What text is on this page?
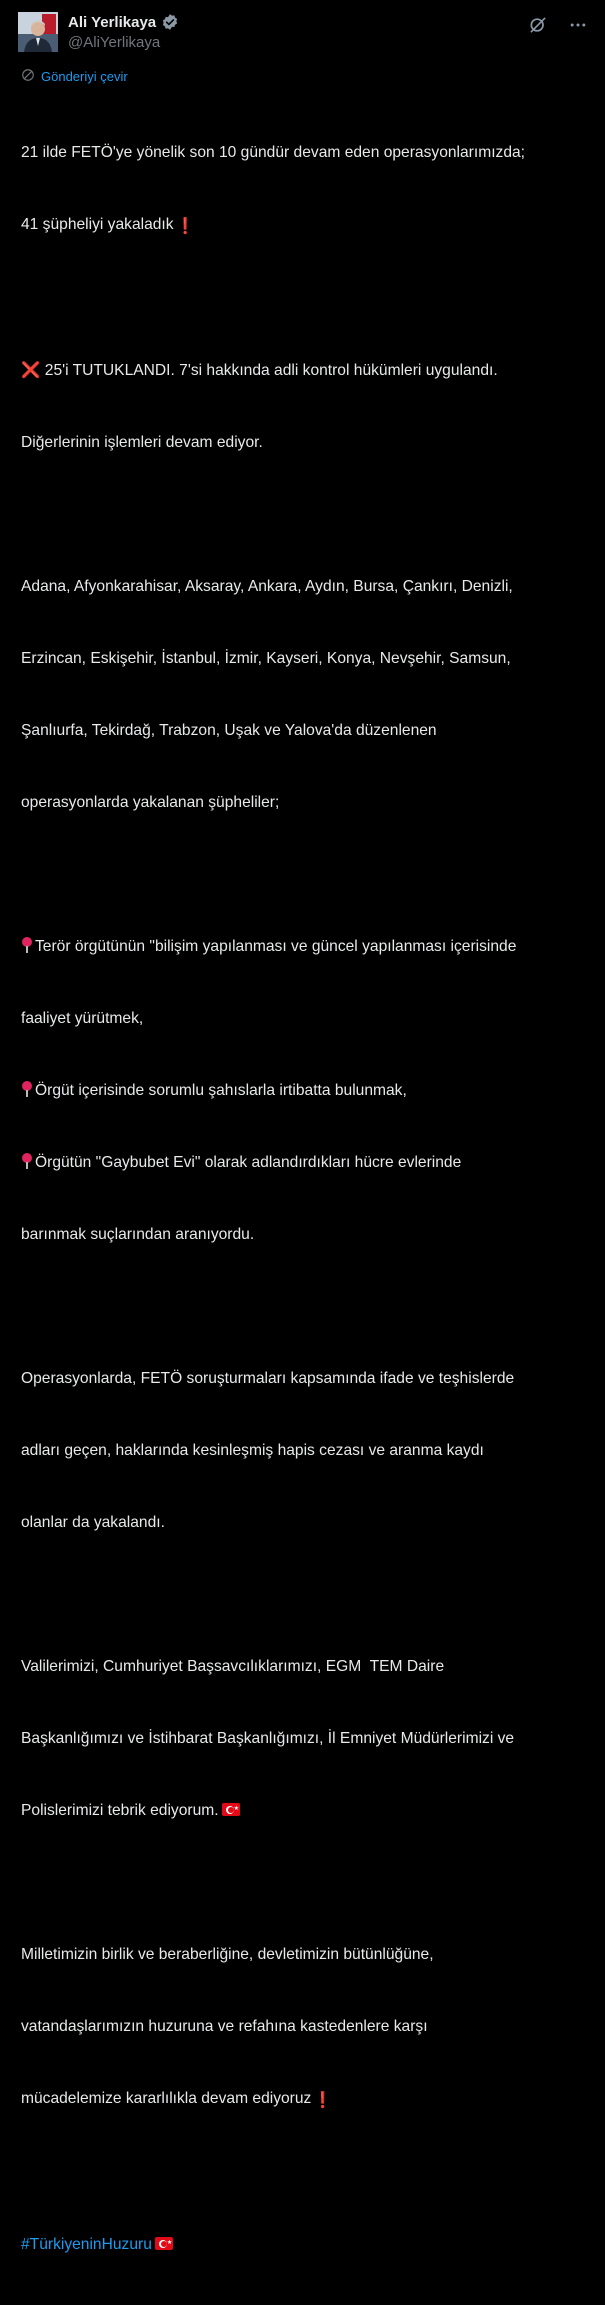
Ali Yerlikaya
@AliYerlikaya
Gönderiyi çevir

21 ilde FETÖ'ye yönelik son 10 gündür devam eden operasyonlarımızda;

41 şüpheliyi yakaladık ❗

❌ 25'i TUTUKLANDI. 7'si hakkında adli kontrol hükümleri uygulandı.

Diğerlerinin işlemleri devam ediyor.

Adana, Afyonkarahisar, Aksaray, Ankara, Aydın, Bursa, Çankırı, Denizli,

Erzincan, Eskişehir, İstanbul, İzmir, Kayseri, Konya, Nevşehir, Samsun,

Şanlıurfa, Tekirdağ, Trabzon, Uşak ve Yalova'da düzenlenen

operasyonlarda yakalanan şüpheliler;

Terör örgütünün "bilişim yapılanması ve güncel yapılanması içerisinde

faaliyet yürütmek,

Örgüt içerisinde sorumlu şahıslarla irtibatta bulunmak,

Örgütün "Gaybubet Evi" olarak adlandırdıkları hücre evlerinde

barınmak suçlarından aranıyordu.

Operasyonlarda, FETÖ soruşturmaları kapsamında ifade ve teşhislerde

adları geçen, haklarında kesinleşmiş hapis cezası ve aranma kaydı

olanlar da yakalandı.

Valilerimizi, Cumhuriyet Başsavcılıklarımızı, EGM  TEM Daire

Başkanlığımızı ve İstihbarat Başkanlığımızı, İl Emniyet Müdürlerimizi ve

Polislerimizi tebrik ediyorum.	★

Milletimizin birlik ve beraberliğine, devletimizin bütünlüğüne,

vatandaşlarımızın huzuruna ve refahına kastedenlere karşı

mücadelemize kararlılıkla devam ediyoruz ❗

#TürkiyeninHuzuru	★
